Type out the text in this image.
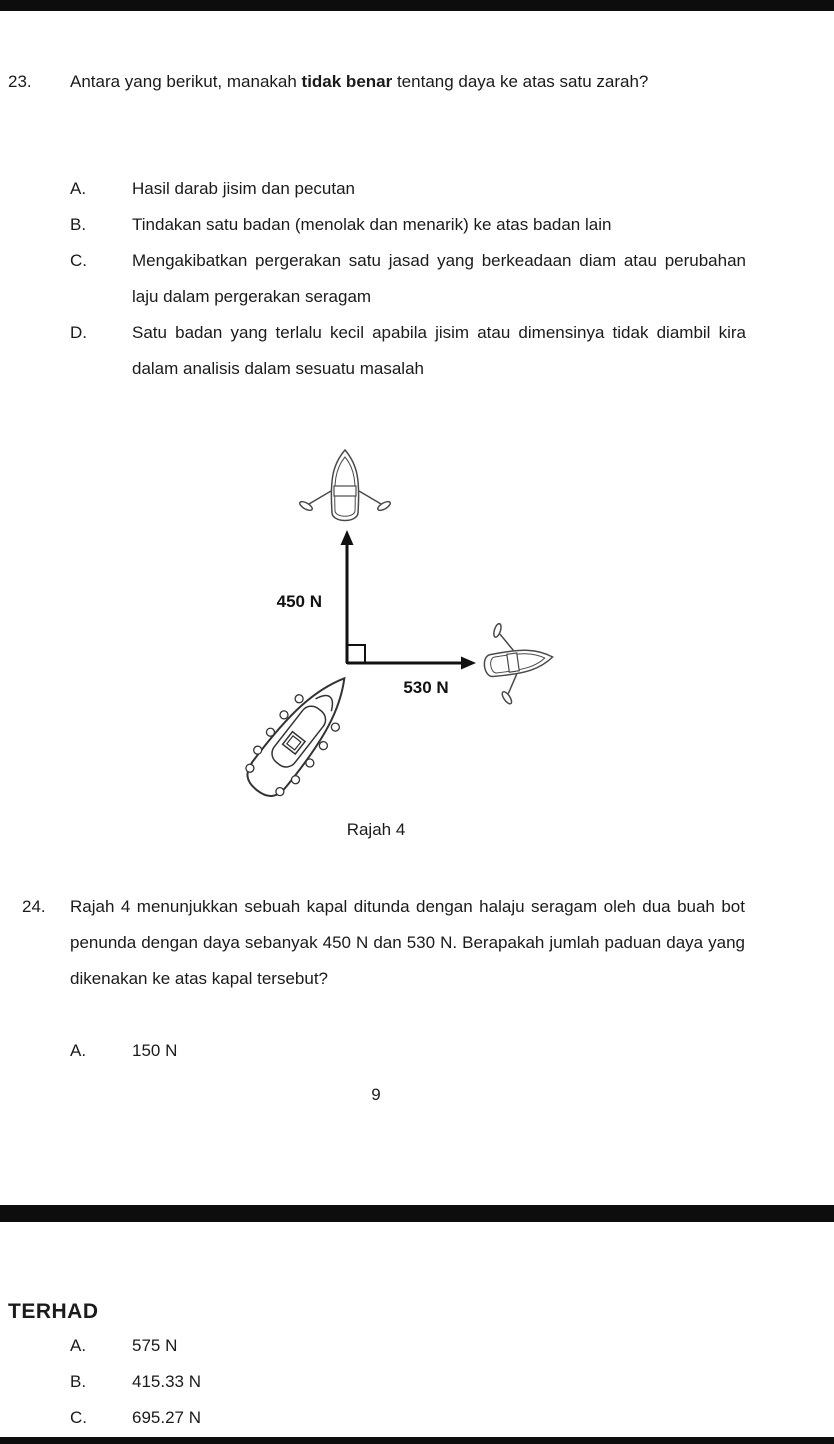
23.	Antara yang berikut, manakah tidak benar tentang daya ke atas satu zarah?
A.	Hasil darab jisim dan pecutan
B.	Tindakan satu badan (menolak dan menarik) ke atas badan lain
C.	Mengakibatkan pergerakan satu jasad yang berkeadaan diam atau perubahan laju dalam pergerakan seragam
D.	Satu badan yang terlalu kecil apabila jisim atau dimensinya tidak diambil kira dalam analisis dalam sesuatu masalah
450 N
530 N
Rajah 4
24.	Rajah 4 menunjukkan sebuah kapal ditunda dengan halaju seragam oleh dua buah bot penunda dengan daya sebanyak 450 N dan 530 N. Berapakah jumlah paduan daya yang dikenakan ke atas kapal tersebut?
A.	150 N
9
TERHAD
A.	575 N
B.	415.33 N
C.	695.27 N
